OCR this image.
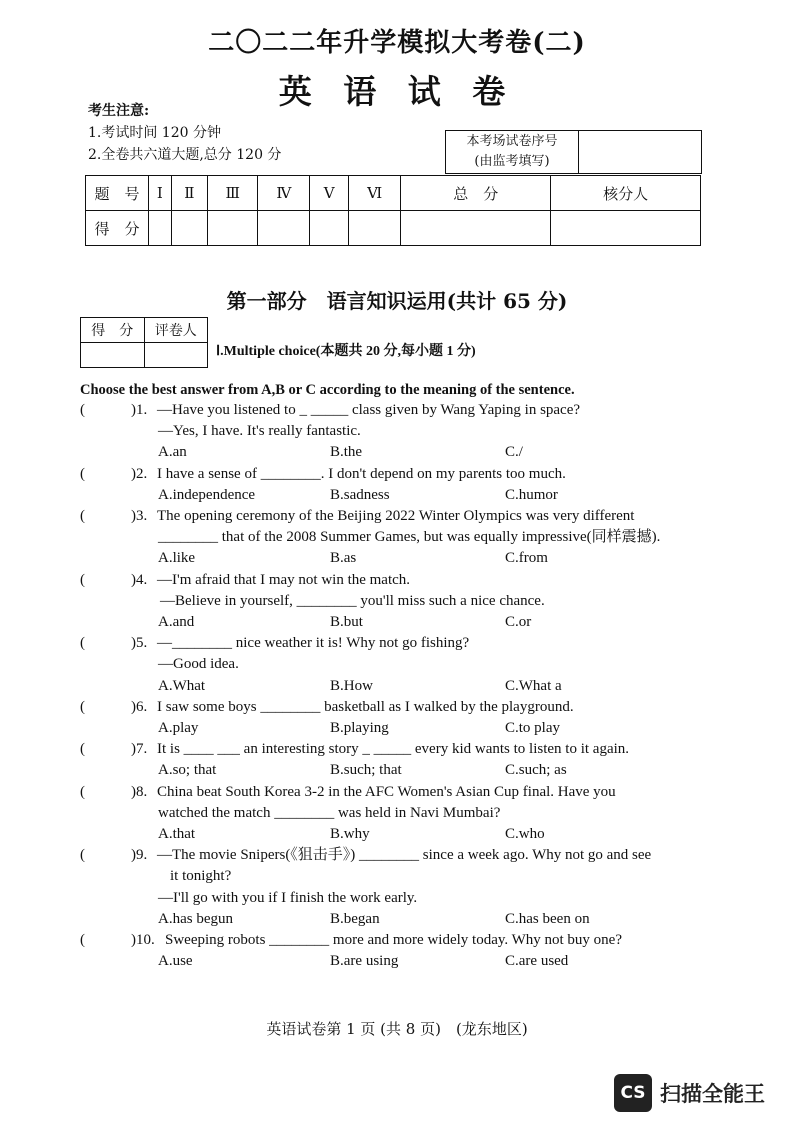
二〇二二年升学模拟大考卷(二)
英 语 试 卷
考生注意:
1.考试时间 120 分钟
2.全卷共六道大题,总分 120 分
本考场试卷序号
(由监考填写)

题　号	Ⅰ	Ⅱ	Ⅲ	Ⅳ	Ⅴ	Ⅵ	总　分	核分人
得　分								
第一部分　语言知识运用(共计 65 分)
得　分	评卷人

Ⅰ.Multiple choice(本题共 20 分,每小题 1 分)
Choose the best answer from A,B or C according to the meaning of the sentence.
(	)1. —Have you listened to _ _____ class given by Wang Yaping in space?
—Yes, I have. It's really fantastic.
A.an	B.the	C./
(	)2. I have a sense of ________. I don't depend on my parents too much.
A.independence	B.sadness	C.humor
(	)3. The opening ceremony of the Beijing 2022 Winter Olympics was very different
________ that of the 2008 Summer Games, but was equally impressive(同样震撼).
A.like	B.as	C.from
(	)4. —I'm afraid that I may not win the match.
—Believe in yourself, ________ you'll miss such a nice chance.
A.and	B.but	C.or
(	)5. —________ nice weather it is! Why not go fishing?
—Good idea.
A.What	B.How	C.What a
(	)6. I saw some boys ________ basketball as I walked by the playground.
A.play	B.playing	C.to play
(	)7. It is ____ ___ an interesting story _ _____ every kid wants to listen to it again.
A.so; that	B.such; that	C.such; as
(	)8. China beat South Korea 3-2 in the AFC Women's Asian Cup final. Have you
watched the match ________ was held in Navi Mumbai?
A.that	B.why	C.who
(	)9. —The movie Snipers(《狙击手》) ________ since a week ago. Why not go and see
it tonight?
—I'll go with you if I finish the work early.
A.has begun	B.began	C.has been on
(	)10. Sweeping robots ________ more and more widely today. Why not buy one?
A.use	B.are using	C.are used
英语试卷第 1 页 (共 8 页)　(龙东地区)
CS 扫描全能王
